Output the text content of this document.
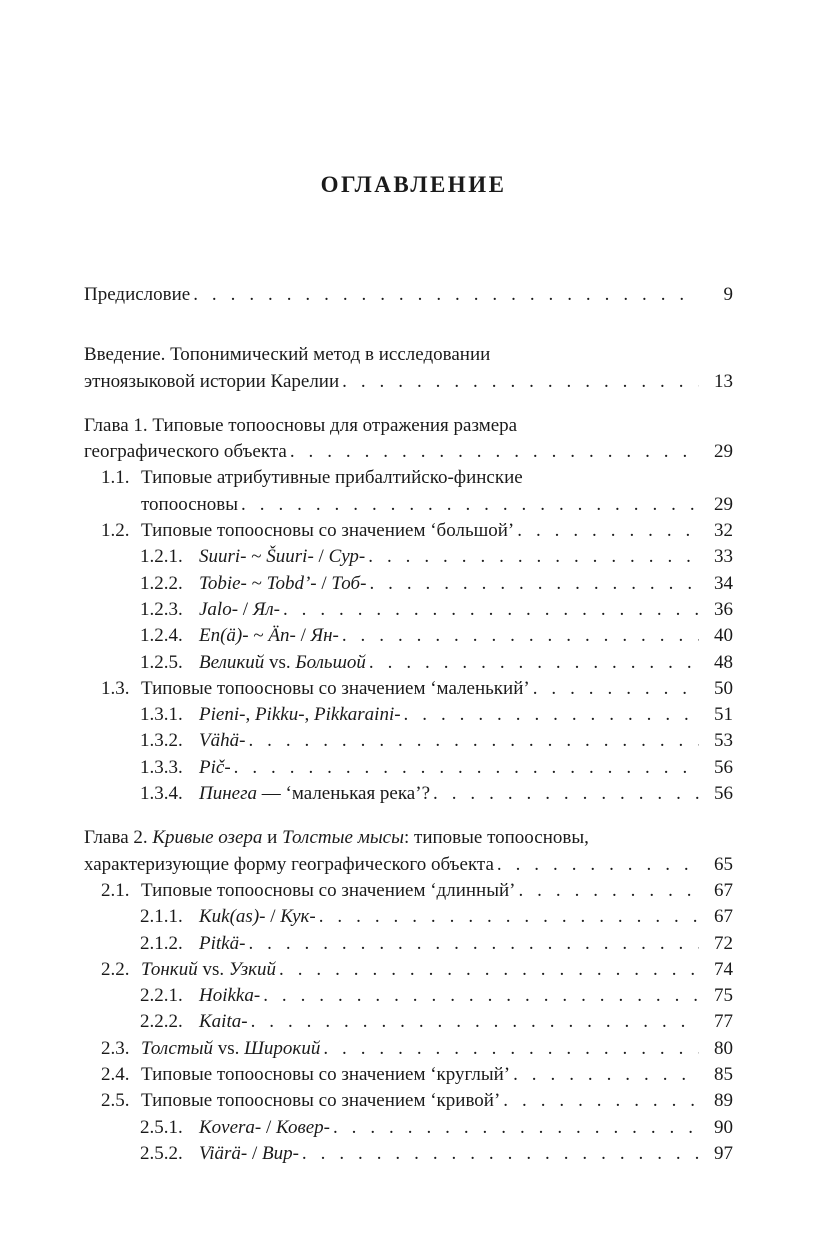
ОГЛАВЛЕНИЕ
Предисловие . . .	9
Введение. Топонимический метод в исследовании
этноязыковой истории Карелии . . .	13
Глава 1. Типовые топоосновы для отражения размера
географического объекта . . .	29
1.1. Типовые атрибутивные прибалтийско-финские
топоосновы . . .	29
1.2. Типовые топоосновы со значением ‘большой’ . . .	32
1.2.1. Suuri- ~ Šuuri- / Сур- . . .	33
1.2.2. Tobie- ~ Tobd’- / Тоб- . . .	34
1.2.3. Jalo- / Ял- . . .	36
1.2.4. En(ä)- ~ Än- / Ян- . . .	40
1.2.5. Великий vs. Большой . . .	48
1.3. Типовые топоосновы со значением ‘маленький’ . . .	50
1.3.1. Pieni-, Pikku-, Pikkaraini- . . .	51
1.3.2. Vähä- . . .	53
1.3.3. Pič- . . .	56
1.3.4. Пинега — ‘маленькая река’? . . .	56
Глава 2. Кривые озера и Толстые мысы: типовые топоосновы,
характеризующие форму географического объекта . . .	65
2.1. Типовые топоосновы со значением ‘длинный’ . . .	67
2.1.1. Kuk(as)- / Кук- . . .	67
2.1.2. Pitkä- . . .	72
2.2. Тонкий vs. Узкий . . .	74
2.2.1. Hoikka- . . .	75
2.2.2. Kaita- . . .	77
2.3. Толстый vs. Широкий . . .	80
2.4. Типовые топоосновы со значением ‘круглый’ . . .	85
2.5. Типовые топоосновы со значением ‘кривой’ . . .	89
2.5.1. Kovera- / Ковер- . . .	90
2.5.2. Viärä- / Вир- . . .	97
